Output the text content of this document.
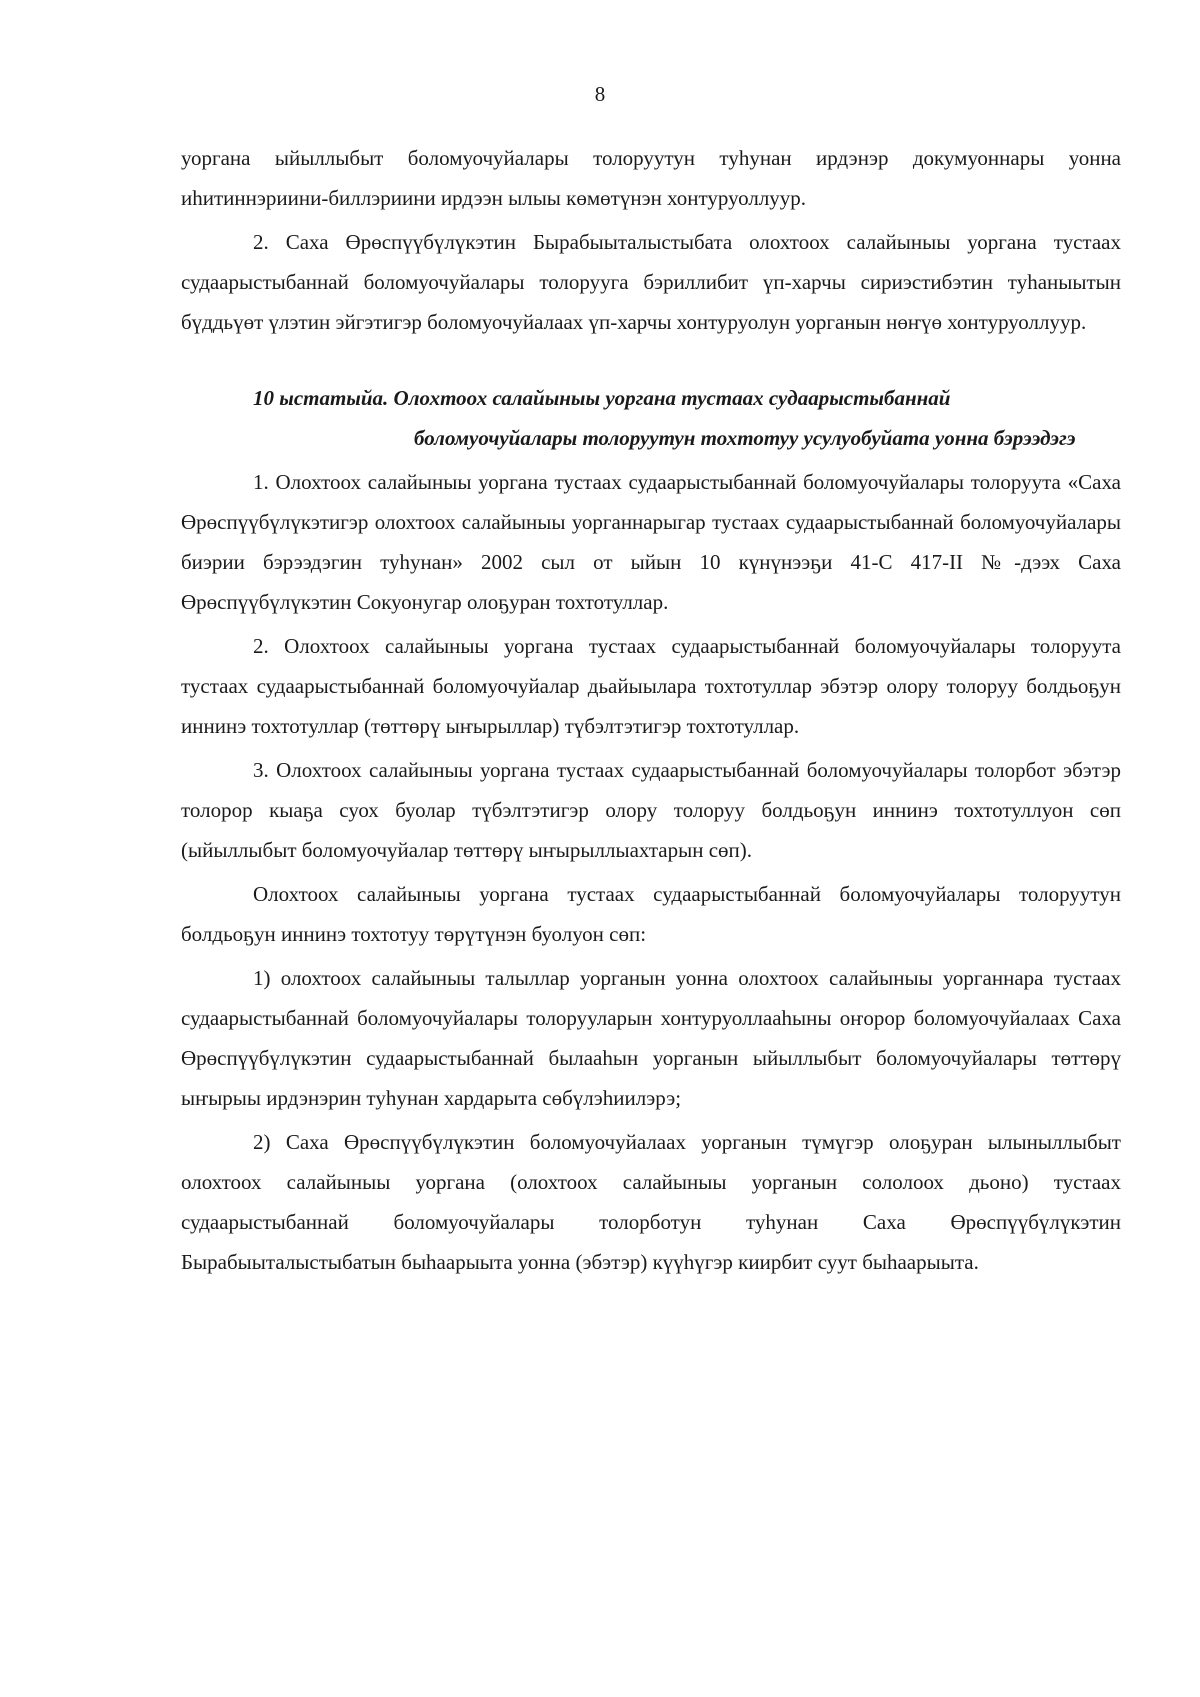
8

уоргана ыйыллыбыт боломуочуйалары толоруутун туһунан ирдэнэр докумуоннары уонна иһитиннэриини-биллэриини ирдээн ылыы көмөтүнэн хонтуруоллуур.

2. Саха Өрөспүүбүлүкэтин Бырабыыталыстыбата олохтоох салайыныы уоргана тустаах судаарыстыбаннай боломуочуйалары толорууга бэриллибит үп-харчы сириэстибэтин туһаныытын бүддьүөт үлэтин эйгэтигэр боломуочуйалаах үп-харчы хонтуруолун уорганын нөҥүө хонтуруоллуур.

10 ыстатыйа. Олохтоох салайыныы уоргана тустаах судаарыстыбаннай
боломуочуйалары толоруутун тохтотуу усулуобуйата уонна бэрээдэгэ

1. Олохтоох салайыныы уоргана тустаах судаарыстыбаннай боломуочуйалары толоруута «Саха Өрөспүүбүлүкэтигэр олохтоох салайыныы уорганнарыгар тустаах судаарыстыбаннай боломуочуйалары биэрии бэрээдэгин туһунан» 2002 сыл от ыйын 10 күнүнээҕи 41-С 417-II №-дээх Саха Өрөспүүбүлүкэтин Сокуонугар олоҕуран тохтотуллар.

2. Олохтоох салайыныы уоргана тустаах судаарыстыбаннай боломуочуйалары толоруута тустаах судаарыстыбаннай боломуочуйалар дьайыылара тохтотуллар эбэтэр олору толоруу болдьоҕун иннинэ тохтотуллар (төттөрү ыҥырыллар) түбэлтэтигэр тохтотуллар.

3. Олохтоох салайыныы уоргана тустаах судаарыстыбаннай боломуочуйалары толорбот эбэтэр толорор кыаҕа суох буолар түбэлтэтигэр олору толоруу болдьоҕун иннинэ тохтотуллуон сөп (ыйыллыбыт боломуочуйалар төттөрү ыҥырыллыахтарын сөп).

Олохтоох салайыныы уоргана тустаах судаарыстыбаннай боломуочуйалары толоруутун болдьоҕун иннинэ тохтотуу төрүтүнэн буолуон сөп:

1) олохтоох салайыныы талыллар уорганын уонна олохтоох салайыныы уорганнара тустаах судаарыстыбаннай боломуочуйалары толорууларын хонтуруоллааһыны оҥорор боломуочуйалаах Саха Өрөспүүбүлүкэтин судаарыстыбаннай былааһын уорганын ыйыллыбыт боломуочуйалары төттөрү ыҥырыы ирдэнэрин туһунан хардарыта сөбүлэһиилэрэ;

2) Саха Өрөспүүбүлүкэтин боломуочуйалаах уорганын түмүгэр олоҕуран ылыныллыбыт олохтоох салайыныы уоргана (олохтоох салайыныы уорганын сололоох дьоно) тустаах судаарыстыбаннай боломуочуйалары толорботун туһунан Саха Өрөспүүбүлүкэтин Бырабыыталыстыбатын быһаарыыта уонна (эбэтэр) күүһүгэр киирбит суут быһаарыыта.
